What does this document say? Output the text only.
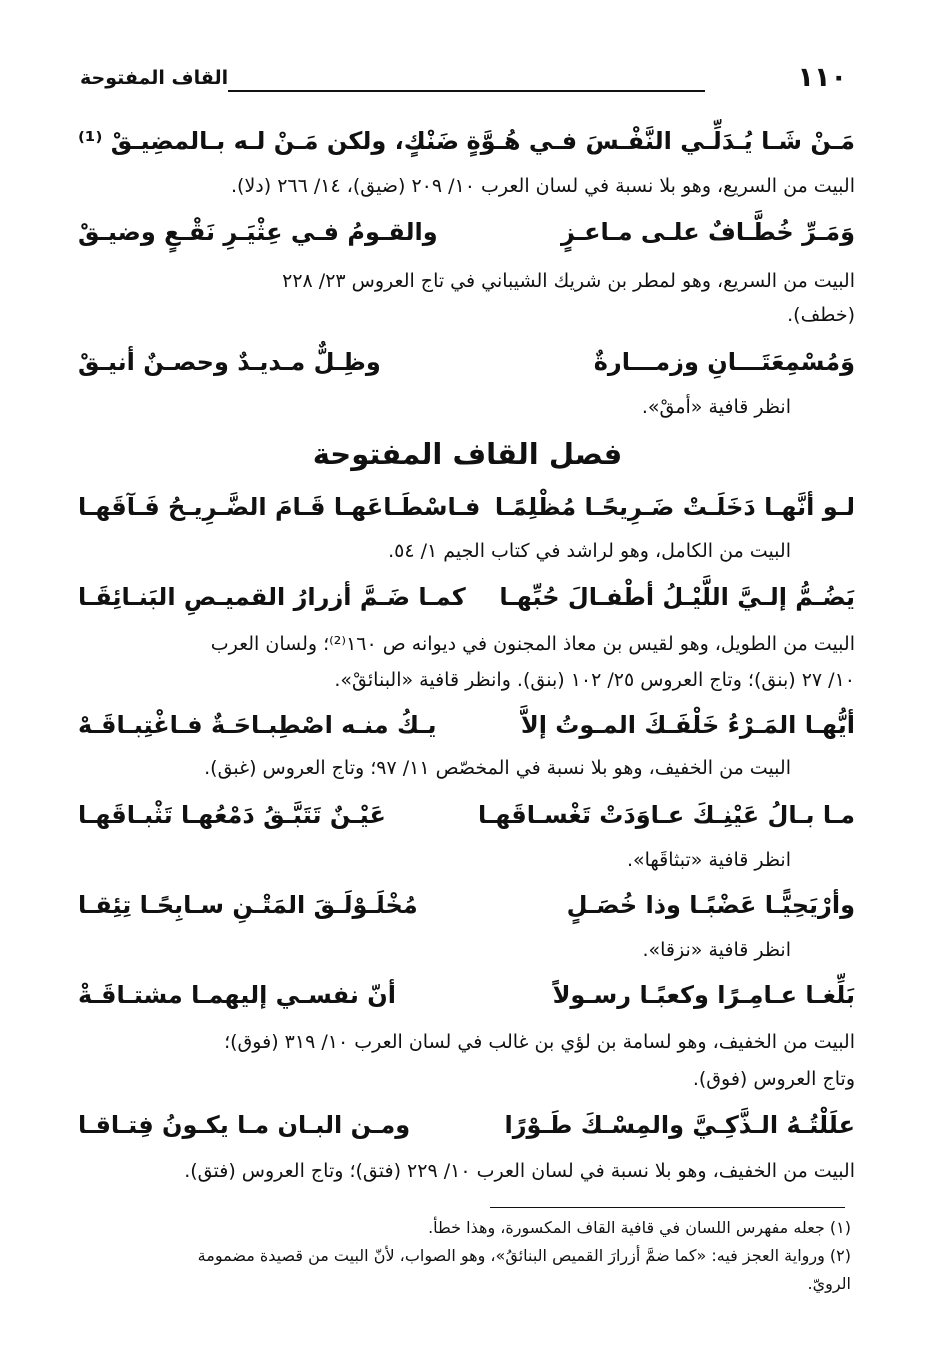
١١٠
القاف المفتوحة
مَـنْ شَـا يُـدَلِّـي النَّفْـسَ فـي هُـوَّةٍ
ضَنْكٍ، ولكن مَـنْ لـه بـالمضِيـقْ ⁽¹⁾
البيت من السريع، وهو بلا نسبة في لسان العرب ١٠/ ٢٠٩ (ضيق)، ١٤/ ٢٦٦ (دلا).
وَمَـرِّ خُطَّـافٌ علـى مـاعـزٍ
والقـومُ فـي عِثْيَـرِ نَقْـعٍ وضيـقْ
البيت من السريع، وهو لمطر بن شريك الشيباني في تاج العروس ٢٣/ ٢٢٨
(خطف).
وَمُسْمِعَتَـــانِ وزمـــارةٌ
وظِـلٌّ مـديـدٌ وحصـنٌ أنيـقْ
انظر قافية «أمقْ».
فصل القاف المفتوحة
لـو أنَّهـا دَخَلَـتْ ضَـرِيحًـا مُظْلِمًـا
فـاسْطَـاعَهـا قَـامَ الضَّـرِيـحُ فَـآقَهـا
البيت من الكامل، وهو لراشد في كتاب الجيم ١/ ٥٤.
يَضُـمُّ إلـيَّ اللَّيْـلُ أطْفـالَ حُبِّهـا
كمـا ضَـمَّ أزرارُ القميـصِ البَنـائِقَـا
البيت من الطويل، وهو لقيس بن معاذ المجنون في ديوانه ص ١٦٠⁽²⁾؛ ولسان العرب
١٠/ ٢٧ (بنق)؛ وتاج العروس ٢٥/ ١٠٢ (بنق). وانظر قافية «البنائقْ».
أيُّهـا المَـرْءُ خَلْفَـكَ المـوتُ إلاَّ
يـكُ منـه اصْطِبـاحَـةٌ فـاغْتِبـاقَـهْ
البيت من الخفيف، وهو بلا نسبة في المخصّص ١١/ ٩٧؛ وتاج العروس (غبق).
مـا بـالُ عَيْنِـكَ عـاوَدَتْ تَغْسـاقَهـا
عَيْـنٌ تَتَبَّـقُ دَمْعُهـا تَثْبـاقَهـا
انظر قافية «تبثاقَها».
وأرْيَحِيًّـا عَضْبًـا وذا خُصَـلٍ
مُخْلَـوْلَـقَ المَتْـنِ سـابِحًـا تِئِقـا
انظر قافية «نزقا».
بَلِّغـا عـامِـرًا وكعبًـا رسـولاً
أنّ نفسـي إليهمـا مشتـاقَـةْ
البيت من الخفيف، وهو لسامة بن لؤي بن غالب في لسان العرب ١٠/ ٣١٩ (فوق)؛
وتاج العروس (فوق).
علَلْتُـهُ الـذَّكِـيَّ والمِسْـكَ طَـوْرًا
ومـن البـان مـا يكـونُ فِتـاقـا
البيت من الخفيف، وهو بلا نسبة في لسان العرب ١٠/ ٢٢٩ (فتق)؛ وتاج العروس (فتق).
(١) جعله مفهرس اللسان في قافية القاف المكسورة، وهذا خطأ.
(٢) ورواية العجز فيه: «كما ضمَّ أزرارَ القميص البنائقُ»، وهو الصواب، لأنّ البيت من قصيدة مضمومة
الرويّ.
